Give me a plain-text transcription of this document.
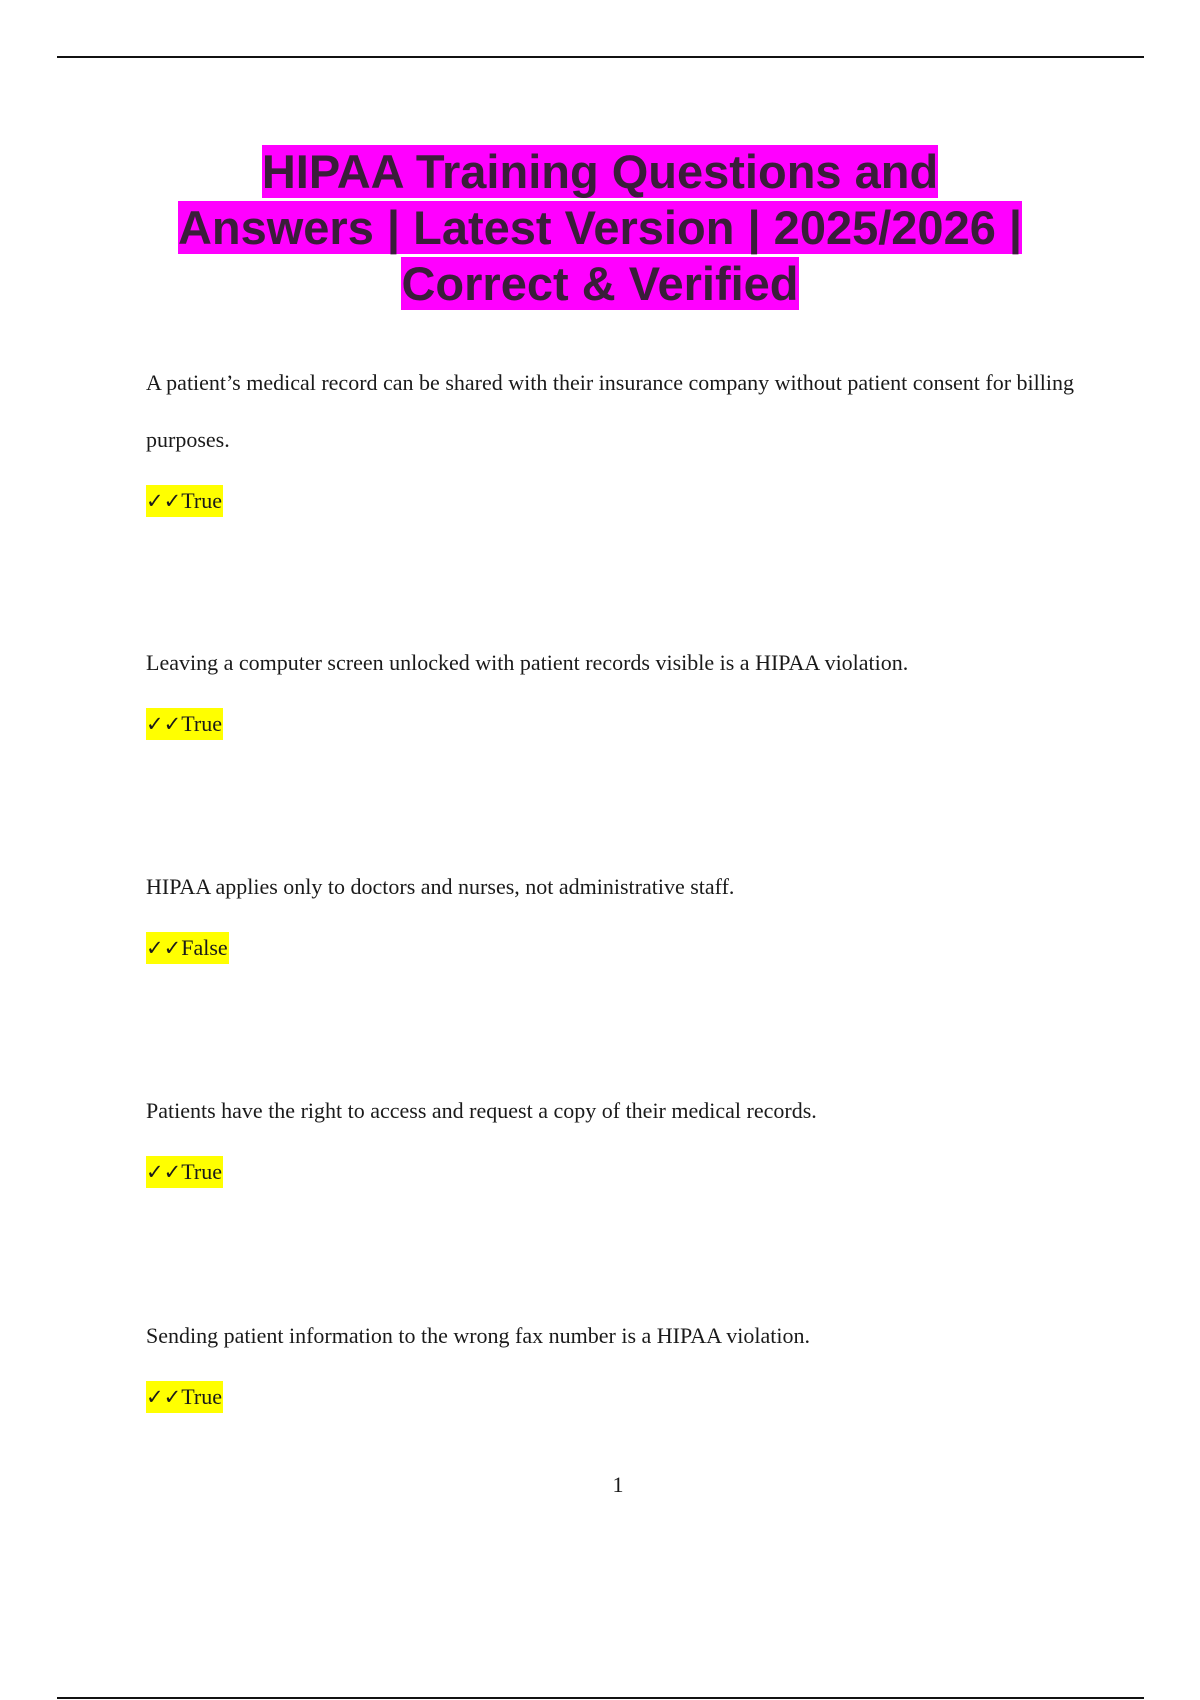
HIPAA Training Questions and
Answers | Latest Version | 2025/2026 |
Correct & Verified

A patient’s medical record can be shared with their insurance company without patient consent for billing purposes.

✓✓True

Leaving a computer screen unlocked with patient records visible is a HIPAA violation.

✓✓True

HIPAA applies only to doctors and nurses, not administrative staff.

✓✓False

Patients have the right to access and request a copy of their medical records.

✓✓True

Sending patient information to the wrong fax number is a HIPAA violation.

✓✓True
1
